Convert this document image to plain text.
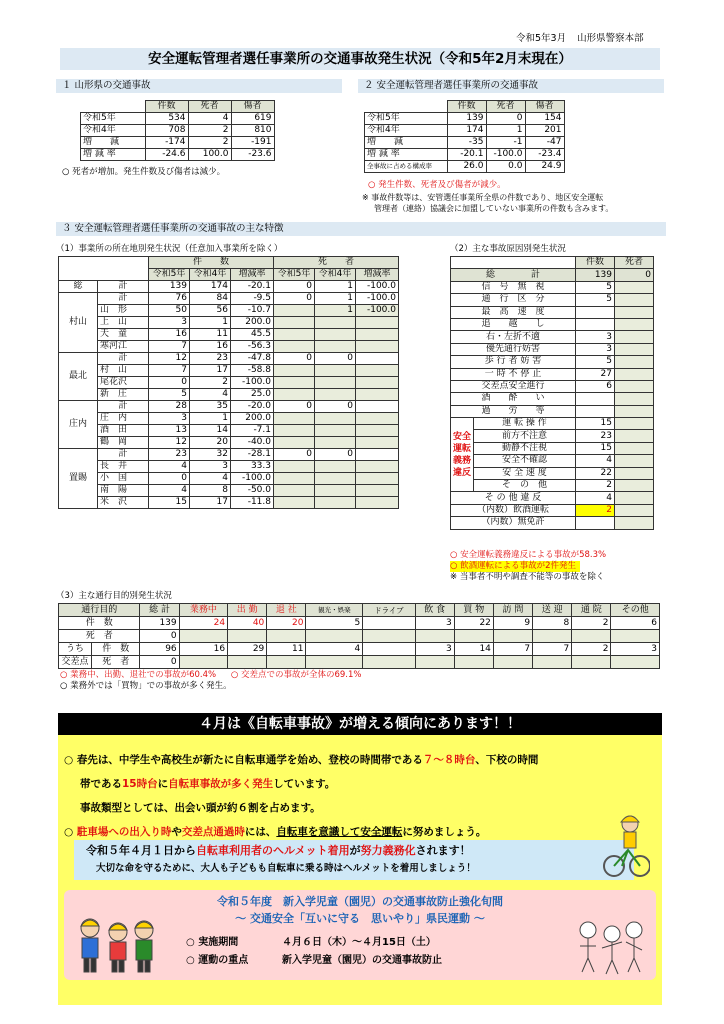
令和5年3月 山形県警察本部
安全運転管理者選任事業所の交通事故発生状況（令和5年2月末現在）
１ 山形県の交通事故
	件数	死者	傷者
令和5年	534	4	619
令和4年	708	2	810
増　　減	-174	2	-191
増 減 率	-24.6	100.0	-23.6
○ 死者が増加。発生件数及び傷者は減少。
２ 安全運転管理者選任事業所の交通事故
	件数	死者	傷者
令和5年	139	0	154
令和4年	174	1	201
増　　減	-35	-1	-47
増 減 率	-20.1	-100.0	-23.4
全事故に占める構成率	26.0	0.0	24.9
○ 発生件数、死者及び傷者が減少。
※ 事故件数等は、安管選任事業所全県の件数であり、地区安全運転
管理者（連絡）協議会に加盟していない事業所の件数も含みます。
３ 安全運転管理者選任事業所の交通事故の主な特徴
（1）事業所の所在地別発生状況（任意加入事業所を除く）
		件　　数			死　　者		
		令和5年	令和4年	増減率	令和5年	令和4年	増減率
総	計	139	174	-20.1	0	1	-100.0
村山	計	76	84	-9.5	0	1	-100.0
	山　形	50	56	-10.7		1	-100.0
	上　山	3	1	200.0			
	天　童	16	11	45.5			
	寒河江	7	16	-56.3			
最北	計	12	23	-47.8	0	0	
	村　山	7	17	-58.8			
	尾花沢	0	2	-100.0			
	新　庄	5	4	25.0			
庄内	計	28	35	-20.0	0	0	
	庄　内	3	1	200.0			
	酒　田	13	14	-7.1			
	鶴　岡	12	20	-40.0			
置賜	計	23	32	-28.1	0	0	
	長　井	4	3	33.3			
	小　国	0	4	-100.0			
	南　陽	4	8	-50.0			
	米　沢	15	17	-11.8			
（2）主な事故原因別発生状況
		件数	死者
総　　　　計		139	0
信　号　無　視		5	
通　行　区　分		5	
最　高　速　度			
追　　越　　し			
右・左折不適		3	
優先通行妨害		3	
歩 行 者 妨 害		5	
一 時 不 停 止		27	
交差点安全進行		6	
酒　　酔　　い			
過　　労　　等			
安全運転義務違反	運 転 操 作	15	
	前方不注意	23	
	動静不注視	15	
	安全不確認	4	
	安 全 速 度	22	
	そ　の　他	2	
そ の 他 違 反		4	
（内数）飲酒運転		2	
（内数）無免許			
○ 安全運転義務違反による事故が58.3%
○ 飲酒運転による事故が2件発生
※ 当事者不明や調査不能等の事故を除く
（3）主な通行目的別発生状況
通行目的		総 計	業務中	出 勤	退 社	観光・娯楽	ドライブ	飲 食	買 物	訪 問	送 迎	通 院	その他
件　数		139	24	40	20	5		3	22	9	8	2	6
死　者		0											
うち	件　数	96	16	29	11	4		3	14	7	7	2	3
交差点	死　者	0											
○ 業務中、出勤、退社での事故が60.4% ○ 交差点での事故が全体の69.1%
○ 業務外では「買物」での事故が多く発生。
４月は《自転車事故》が増える傾向にあります！！
○ 春先は、中学生や高校生が新たに自転車通学を始め、登校の時間帯である７～８時台、下校の時間
帯である15時台に自転車事故が多く発生しています。
事故類型としては、出会い頭が約６割を占めます。
○ 駐車場への出入り時や交差点通過時には、自転車を意識して安全運転に努めましょう。
令和５年４月１日から自転車利用者のヘルメット着用が努力義務化されます！
大切な命を守るために、大人も子どもも自転車に乗る時はヘルメットを着用しましょう！
令和５年度　新入学児童（園児）の交通事故防止強化旬間
～ 交通安全「互いに守る　思いやり」県民運動 ～
○ 実施期間	４月６日（木）～４月15日（土）
○ 運動の重点	新入学児童（園児）の交通事故防止
